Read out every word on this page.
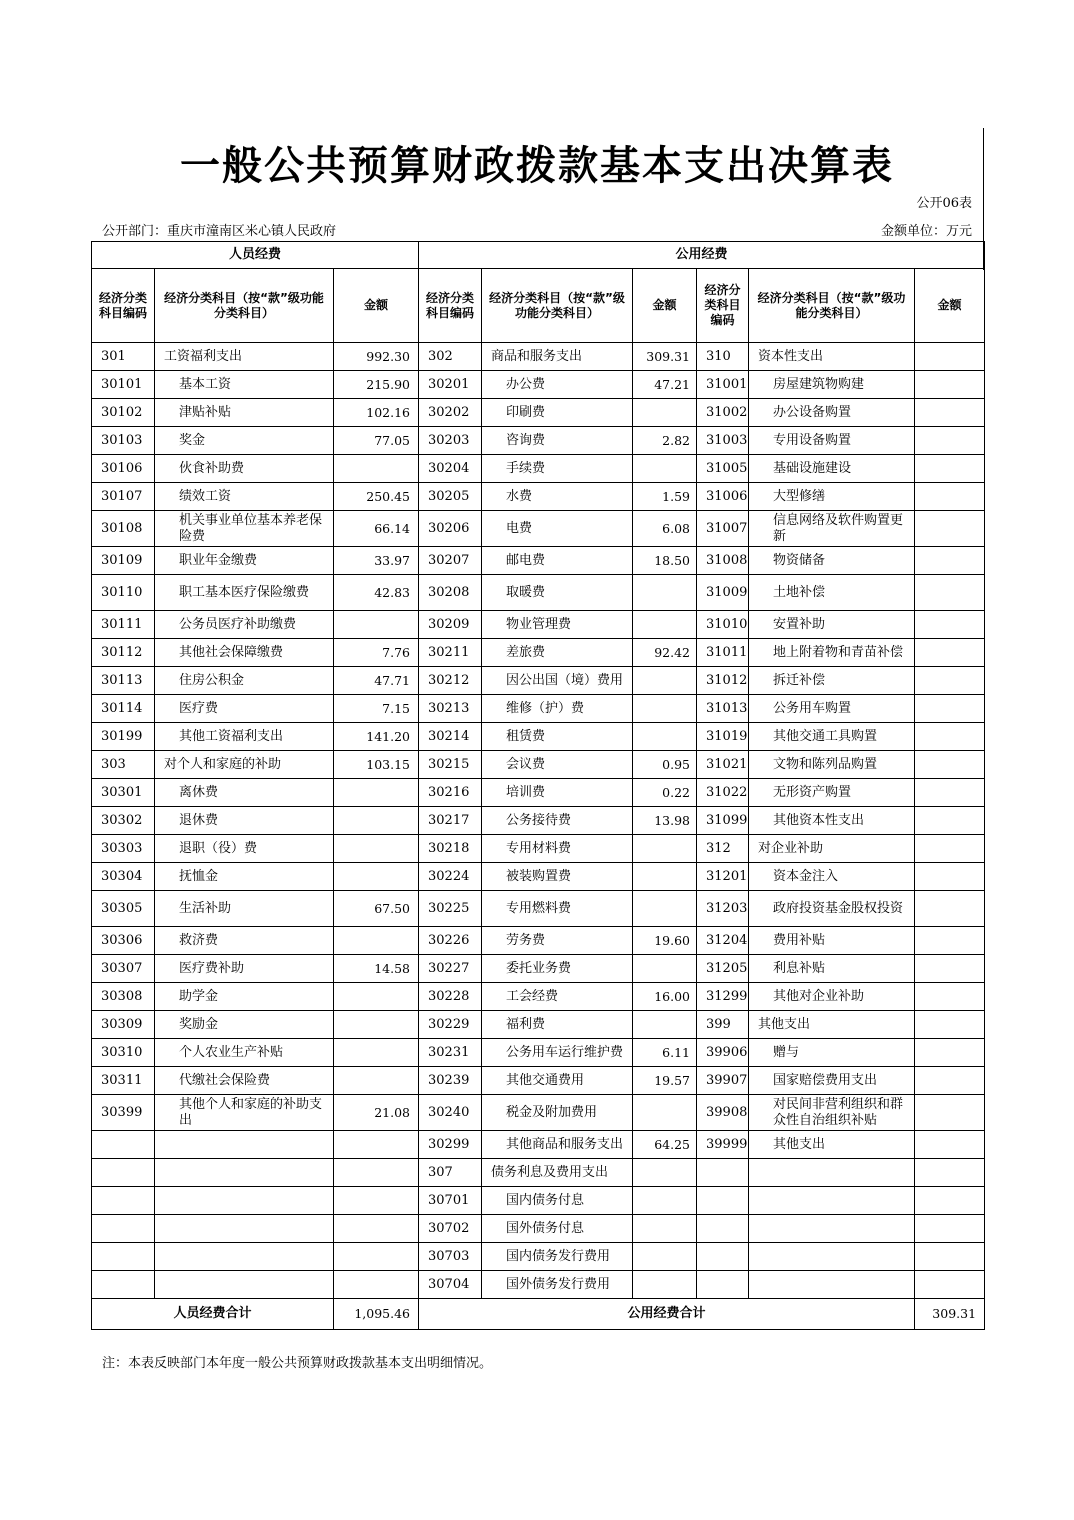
一般公共预算财政拨款基本支出决算表
公开06表
公开部门：重庆市潼南区米心镇人民政府	金额单位：万元
人员经费			公用经费					
经济分类科目编码	经济分类科目（按“款”级功能分类科目）	金额	经济分类科目编码	经济分类科目（按“款”级功能分类科目）	金额	经济分类科目编码	经济分类科目（按“款”级功能分类科目）	金额
301	工资福利支出	992.30	302	商品和服务支出	309.31	310	资本性支出	
30101	基本工资	215.90	30201	办公费	47.21	31001	房屋建筑物购建	
30102	津贴补贴	102.16	30202	印刷费		31002	办公设备购置	
30103	奖金	77.05	30203	咨询费	2.82	31003	专用设备购置	
30106	伙食补助费		30204	手续费		31005	基础设施建设	
30107	绩效工资	250.45	30205	水费	1.59	31006	大型修缮	
30108	机关事业单位基本养老保险费	66.14	30206	电费	6.08	31007	信息网络及软件购置更新	
30109	职业年金缴费	33.97	30207	邮电费	18.50	31008	物资储备	
30110	职工基本医疗保险缴费	42.83	30208	取暖费		31009	土地补偿	
30111	公务员医疗补助缴费		30209	物业管理费		31010	安置补助	
30112	其他社会保障缴费	7.76	30211	差旅费	92.42	31011	地上附着物和青苗补偿	
30113	住房公积金	47.71	30212	因公出国（境）费用		31012	拆迁补偿	
30114	医疗费	7.15	30213	维修（护）费		31013	公务用车购置	
30199	其他工资福利支出	141.20	30214	租赁费		31019	其他交通工具购置	
303	对个人和家庭的补助	103.15	30215	会议费	0.95	31021	文物和陈列品购置	
30301	离休费		30216	培训费	0.22	31022	无形资产购置	
30302	退休费		30217	公务接待费	13.98	31099	其他资本性支出	
30303	退职（役）费		30218	专用材料费		312	对企业补助	
30304	抚恤金		30224	被装购置费		31201	资本金注入	
30305	生活补助	67.50	30225	专用燃料费		31203	政府投资基金股权投资	
30306	救济费		30226	劳务费	19.60	31204	费用补贴	
30307	医疗费补助	14.58	30227	委托业务费		31205	利息补贴	
30308	助学金		30228	工会经费	16.00	31299	其他对企业补助	
30309	奖励金		30229	福利费		399	其他支出	
30310	个人农业生产补贴		30231	公务用车运行维护费	6.11	39906	赠与	
30311	代缴社会保险费		30239	其他交通费用	19.57	39907	国家赔偿费用支出	
30399	其他个人和家庭的补助支出	21.08	30240	税金及附加费用		39908	对民间非营利组织和群众性自治组织补贴	
			30299	其他商品和服务支出	64.25	39999	其他支出	
			307	债务利息及费用支出				
			30701	国内债务付息				
			30702	国外债务付息				
			30703	国内债务发行费用				
			30704	国外债务发行费用				
人员经费合计		1,095.46	公用经费合计					309.31
注：本表反映部门本年度一般公共预算财政拨款基本支出明细情况。
